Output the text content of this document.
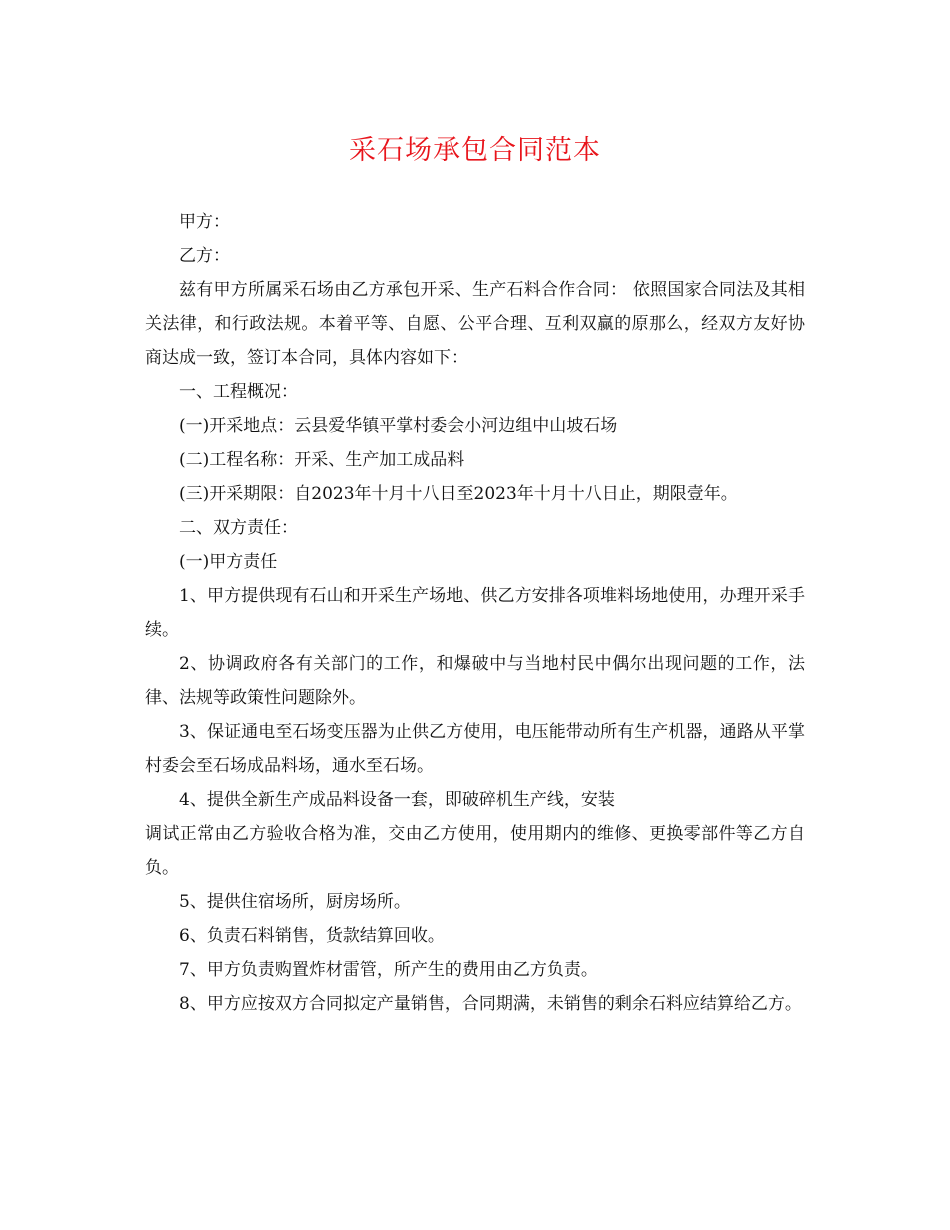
采石场承包合同范本

甲方：

乙方：

兹有甲方所属采石场由乙方承包开采、生产石料合作合同： 依照国家合同法及其相关法律，和行政法规。本着平等、自愿、公平合理、互利双赢的原那么，经双方友好协商达成一致，签订本合同，具体内容如下：

一、工程概况：

(一)开采地点：云县爱华镇平掌村委会小河边组中山坡石场

(二)工程名称：开采、生产加工成品料

(三)开采期限：自2023年十月十八日至2023年十月十八日止，期限壹年。

二、双方责任：

(一)甲方责任

1、甲方提供现有石山和开采生产场地、供乙方安排各项堆料场地使用，办理开采手续。

2、协调政府各有关部门的工作，和爆破中与当地村民中偶尔出现问题的工作，法律、法规等政策性问题除外。

3、保证通电至石场变压器为止供乙方使用，电压能带动所有生产机器，通路从平掌村委会至石场成品料场，通水至石场。

4、提供全新生产成品料设备一套，即破碎机生产线，安装

调试正常由乙方验收合格为准，交由乙方使用，使用期内的维修、更换零部件等乙方自负。

5、提供住宿场所，厨房场所。

6、负责石料销售，货款结算回收。

7、甲方负责购置炸材雷管，所产生的费用由乙方负责。

8、甲方应按双方合同拟定产量销售，合同期满，未销售的剩余石料应结算给乙方。
